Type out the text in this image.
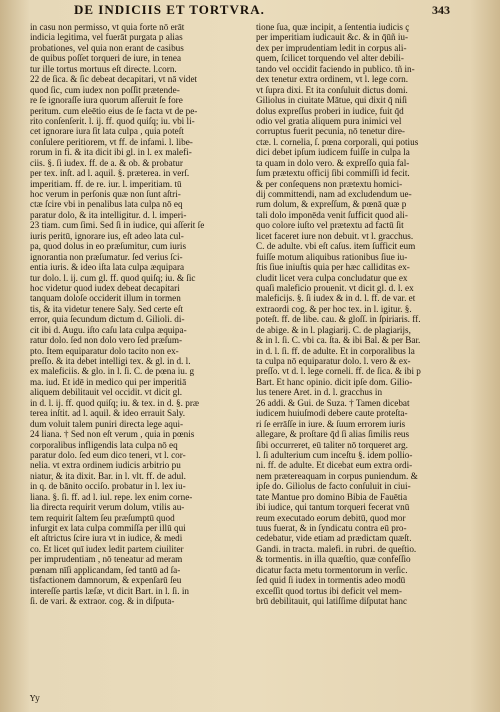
DE INDICIIS ET TORTVRA.	343
in casu non permisso, vt quia forte nō erāt
indicia legitima, vel fuerāt purgata p alias
probationes, vel quia non erant de casibus
de quibus poſſet torqueri de iure, in tenea
tur ille tortus mortuus eſt directe. l.corn.
22 de ſica. & ſic debeat decapitari, vt nā videt
quod ſic, cum iudex non poſſit prætende-
re ſe ignoraſſe iura quorum aſſeruit ſe fore
peritum. cum eleētio eius de ſe facta vt de pe-
rito conſenſerit. l. ij. ff. quod quiſq; iu. vbi li-
cet ignorare iura ſit lata culpa , quia poteſt
conſulere peritiorem, vt ff. de infami. l. libe-
rorum in fi. & ita dicit ibi gl. in l. ex malefi-
ciis. §. ſi iudex. ff. de a. & ob. & probatur
per tex. inſt. ad l. aquil. §. præterea. in verſ.
imperitiam. ff. de re. iur. l. imperitiam. tū
hoc verum in perſonis quæ non ſunt aſtri-
ctæ ſcire vbi in penalibus lata culpa nō eq
paratur dolo, & ita intelligitur. d. l. imperi-
23 tiam. cum ſimi. Sed ſi in iudice, qui aſſerit ſe
iuris peritū, ignorare ius, eſt adeo lata cul-
pa, quod dolus in eo præſumitur, cum iuris
ignorantia non præſumatur. ſed verius ſci-
entia iuris. & ideo iſta lata culpa æquipara
tur dolo. l. ij. cum gl. ff. quod quiſq; iu. & ſic
hoc videtur quod iudex debeat decapitari
tanquam doloſe occiderit illum in tormen
tis, & ita videtur tenere Saly. Sed certe eſt
error, quia ſecundum dictum d. Gilioli. di-
cit ibi d. Augu. iſto caſu lata culpa æquipa-
ratur dolo. ſed non dolo vero ſed præſum-
pto. Item equiparatur dolo tacito non ex-
preſſo. & ita debet intelligi tex. & gl. in d. l.
ex maleficiis. & glo. in l. ſi. C. de pœna iu. g
ma. iud. Et idē in medico qui per imperitiā
aliquem debilitauit vel occidit. vt dicit gl.
in d. l. ij. ff. quod quiſq; iu. & tex. in d. §. præ
terea inſtit. ad l. aquil. & ideo errauit Saly.
dum voluit talem puniri directa lege aqui-
24 liana. † Sed non eſt verum , quia in pœnis
corporalibus infligendis lata culpa nō eq
paratur dolo. ſed eum dico teneri, vt l. cor-
nelia. vt extra ordinem iudicis arbitrio pu
niatur, & ita dixit. Bar. in l. vlt. ff. de adul.
in q. de bānito occiſo. probatur in l. lex iu-
liana. §. ſi. ff. ad l. iul. repe. lex enim corne-
lia directa requirit verum dolum, vtilis au-
tem requirit ſaltem ſeu præſumptū quod
infurgit ex lata culpa commiſſa per illū qui
eſt aſtrictus ſcire iura vt in iudice, & medi
co. Et licet quī iudex ledit partem ciuiliter
per imprudentiam , nō teneatur ad meram
pœnam nīſi applicandam, ſed tantū ad ſa-
tisfactionem damnorum, & expenſarū ſeu
intereſſe partis læſæ, vt dicit Bart. in l. ſi. in
ſi. de vari. & extraor. cog. & in diſputa-
tione ſua, quæ incipit, a ſententia iudicis ç
per imperitiam iudicauit &c. & in q̄ūñ iu-
dex per imprudentiam ledit in corpus ali-
quem, ſcilicet torquendo vel alter debili-
tando vel occidit faciendo in publico. tñ in-
dex tenetur extra ordinem, vt l. lege corn.
vt ſupra dixi. Et ita conſuluit dictus domi.
Giliolus in ciuitate Mātue, qui dixit q̄ niſi
dolus expreſſus proberi in iudice, fuit q̄d
odio vel gratia aliquem pura inimici vel
corruptus fuerit pecunia, nō tenetur dire-
ctæ. l. cornelia, ſ. pœna corporali, qui potius
dici debet ipſum iudicem fuiſſe in culpa la
ta quam in dolo vero. & expreſſo quia fal-
ſum prætextu officij ſibi commiſſi id fecit.
& per conſequens non prætextu homici-
dij committendi, nam ad excludendum ue-
rum dolum, & expreſſum, & pœnā quæ p
tali dolo imponēda venit ſufficit quod ali-
quo colore iuſto vel prætextu ad factū ſit
licet faceret iure non debuit. vt l. gracchus.
C. de adulte. vbi eſt caſus. item ſufficit eum
fuiſſe motum aliquibus rationibus ſiue iu-
ſtis ſiue iniuſtis quia per hæc calliditas ex-
cludit licet vera culpa concludatur que ex
quaſi maleficio prouenit. vt dicit gl. d. l. ex
maleficijs. §. ſi iudex & in d. l. ff. de var. et
extraordi cog. & per hoc tex. in l. igitur. §.
poteſt. ff. de libe. cau. & gloſſ. in ſpiriaris. ff.
de abige. & in l. plagiarij. C. de plagiarijs,
& in l. ſi. C. vbi ca. ſta. & ibi Bal. & per Bar.
in d. l. ſi. ff. de adulte. Et in corporalibus la
ta culpa nō equiparatur dolo. l. vero & ex-
preſſo. vt d. l. lege corneli. ff. de ſica. & ibi p
Bart. Et hanc opinio. dicit ipſe dom. Gilio-
lus tenere Aret. in d. l. gracchus in
26 addi. & Gui. de Suza. † Tamen dicebat
iudicem huiuſmodi debere caute proteſta-
ri ſe errāſſe in iure. & ſuum errorem iuris
allegare, & proſtare q̄d ſi alias ſimilis reus
ſibi occurreret, eū taliter nō torqueret arg.
l. ſi adulterium cum inceſtu §. idem pollio-
ni. ff. de adulte. Et dicebat eum extra ordi-
nem prætereaquam in corpus puniendum. &
ipſe do. Giliolus de facto conſuluit in ciui-
tate Mantue pro domino Bibia de Fauētia
ibi iudice, qui tantum torqueri fecerat vnū
reum executado eorum debitū, quod mor
tuus fuerat, & in ſyndicatu contra eū pro-
cedebatur, vide etiam ad prædictam quæſt.
Gandi. in tracta. malefi. in rubri. de queſtio.
& tormentis. in illa quæſtio, quæ confeſſio
dicatur facta metu tormentorum in verſic.
ſed quid ſi iudex in tormentis adeo modū
exceſſit quod tortus ibi deficit vel mem-
brū debilitauit, qui latiſſime diſputat hanc
Yy
